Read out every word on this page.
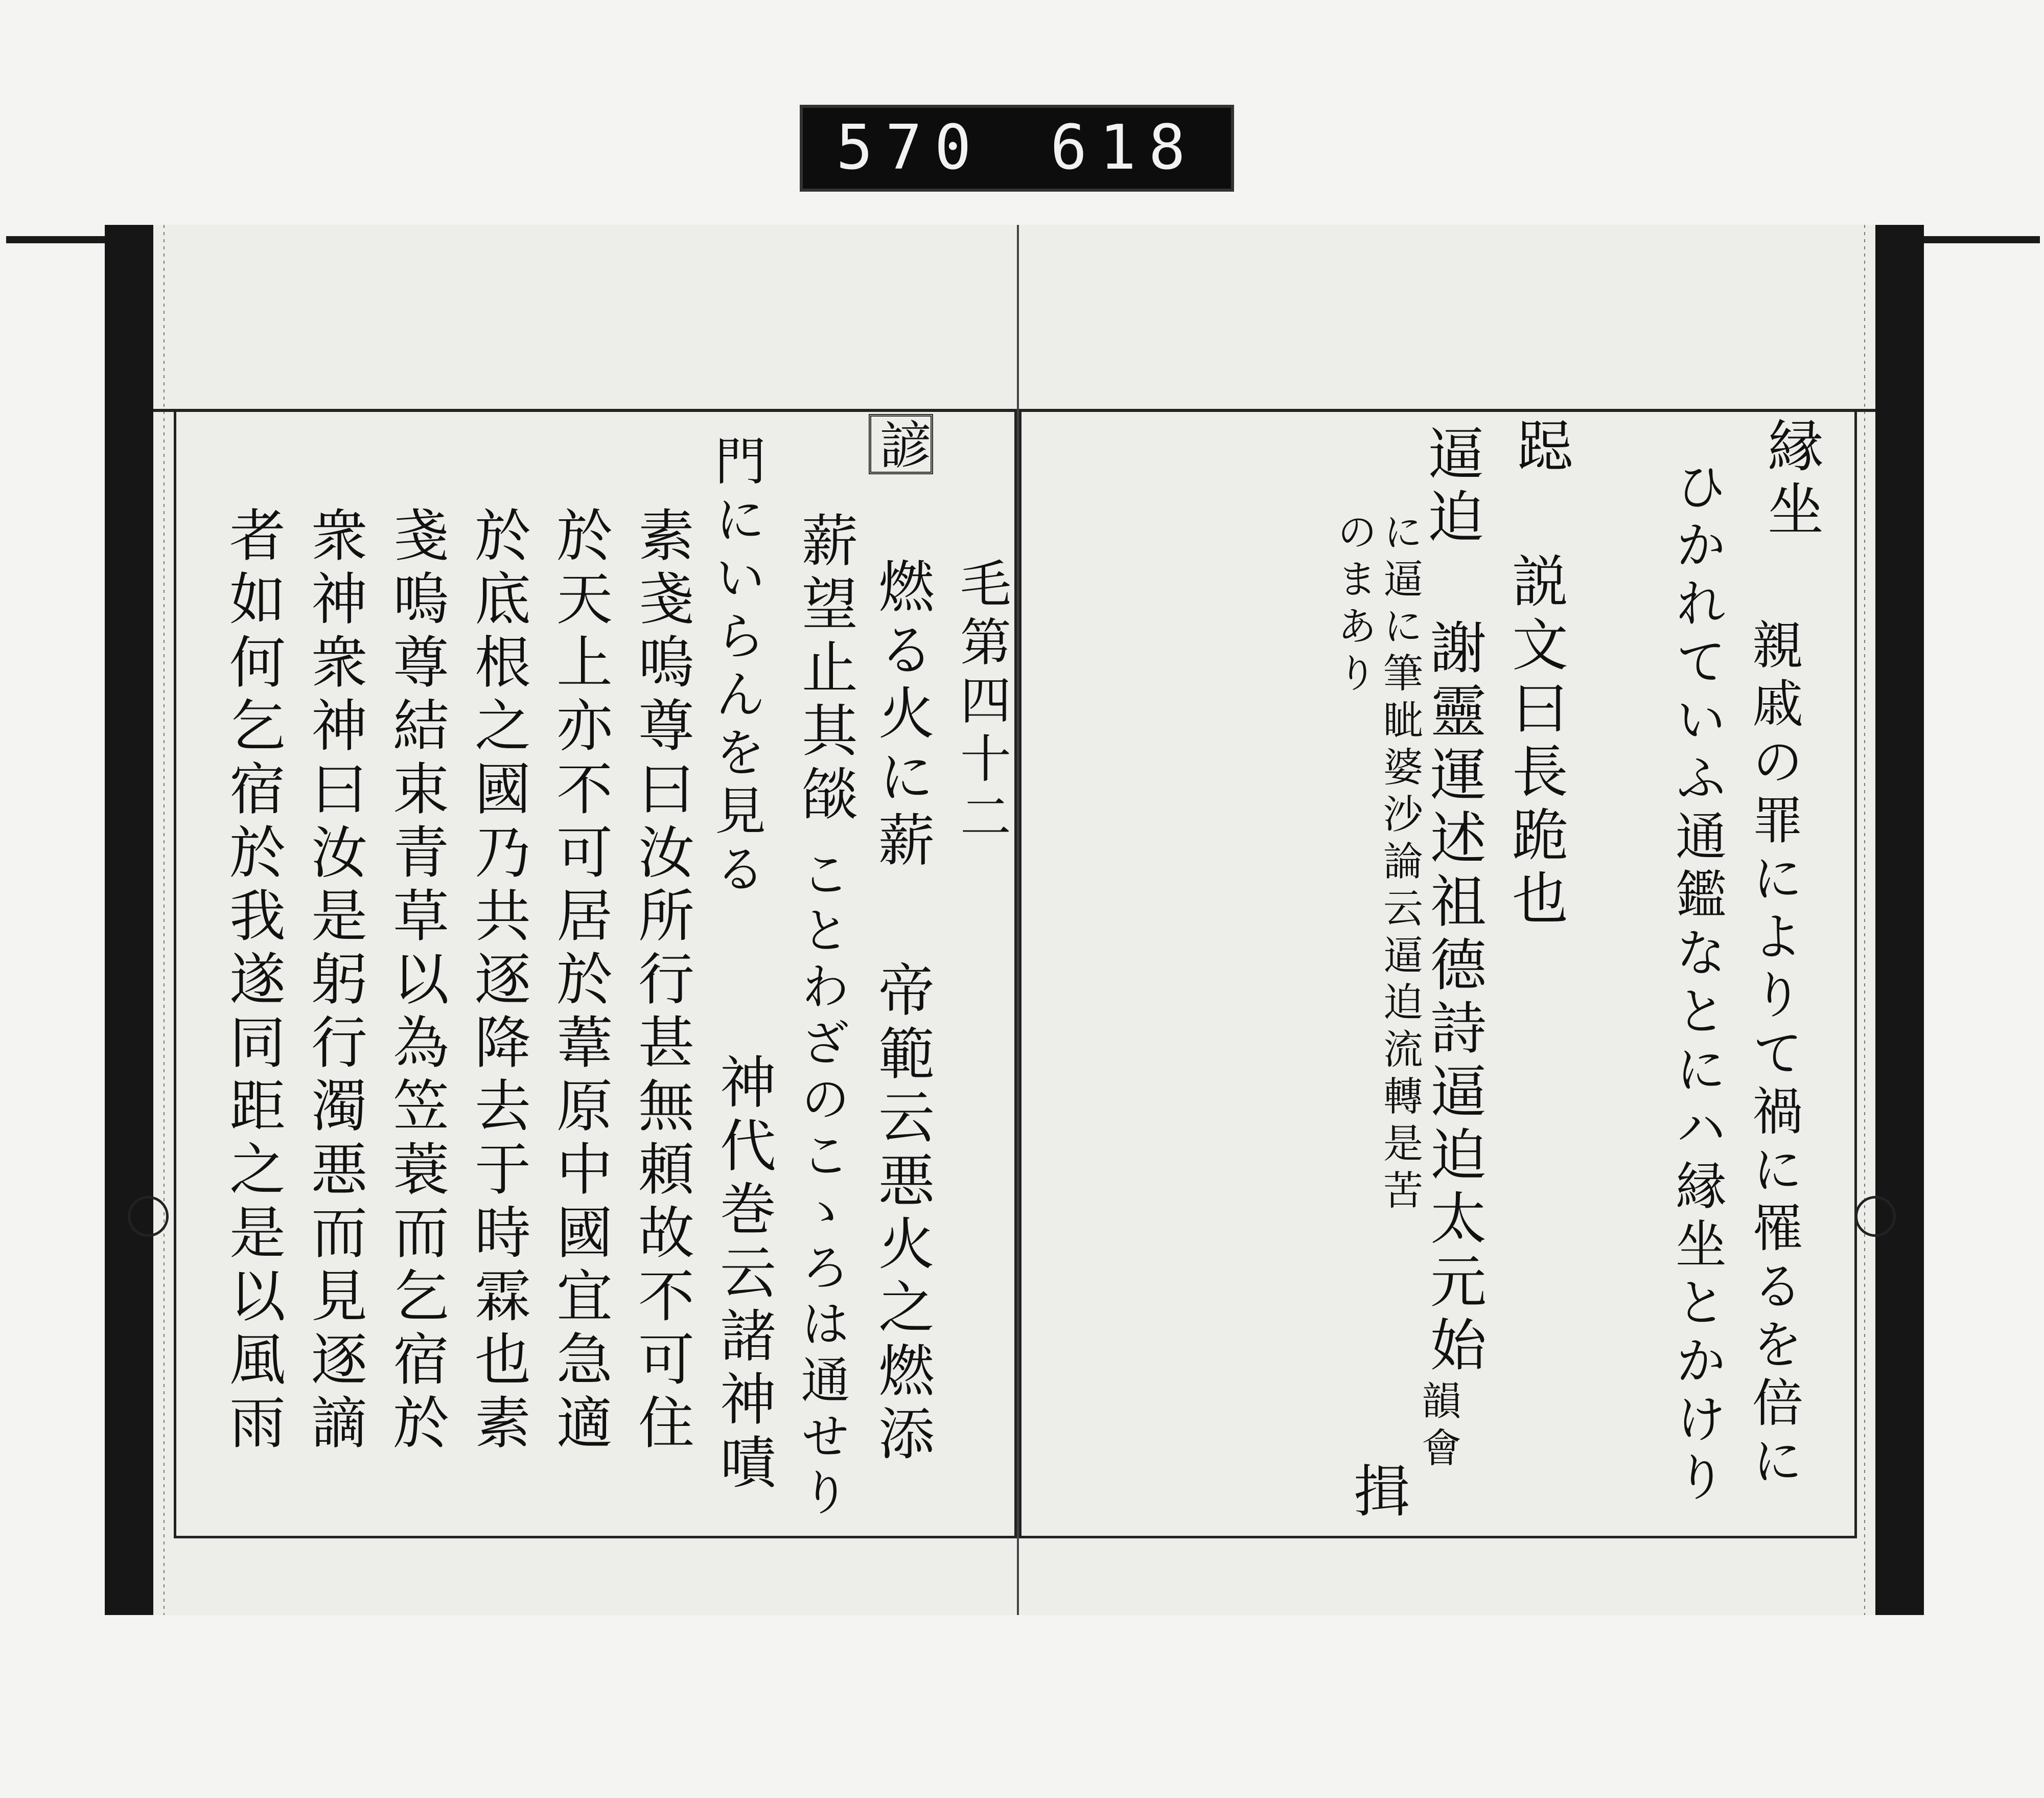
570 618
縁坐
親戚の罪によりて禍に罹るを倍に
ひかれていふ通鑑なとにハ縁坐とかけり
跽
説文曰長跪也
逼迫
謝靈運述祖德詩逼迫太元始
に逼に筆眦婆沙論云逼迫流轉是苦
のまあり
韻會
揖
諺
毛第四十二
燃る火に薪
帝範云悪火之燃添
薪望止其燄
ことわざのこゝろは通せり
門にいらんを見る
神代巻云諸神嘖
素戔嗚尊曰汝所行甚無頼故不可住
於天上亦不可居於葦原中國宜急適
於底根之國乃共逐降去于時霖也素
戔嗚尊結束青草以為笠蓑而乞宿於
衆神衆神曰汝是躬行濁悪而見逐謫
者如何乞宿於我遂同距之是以風雨
